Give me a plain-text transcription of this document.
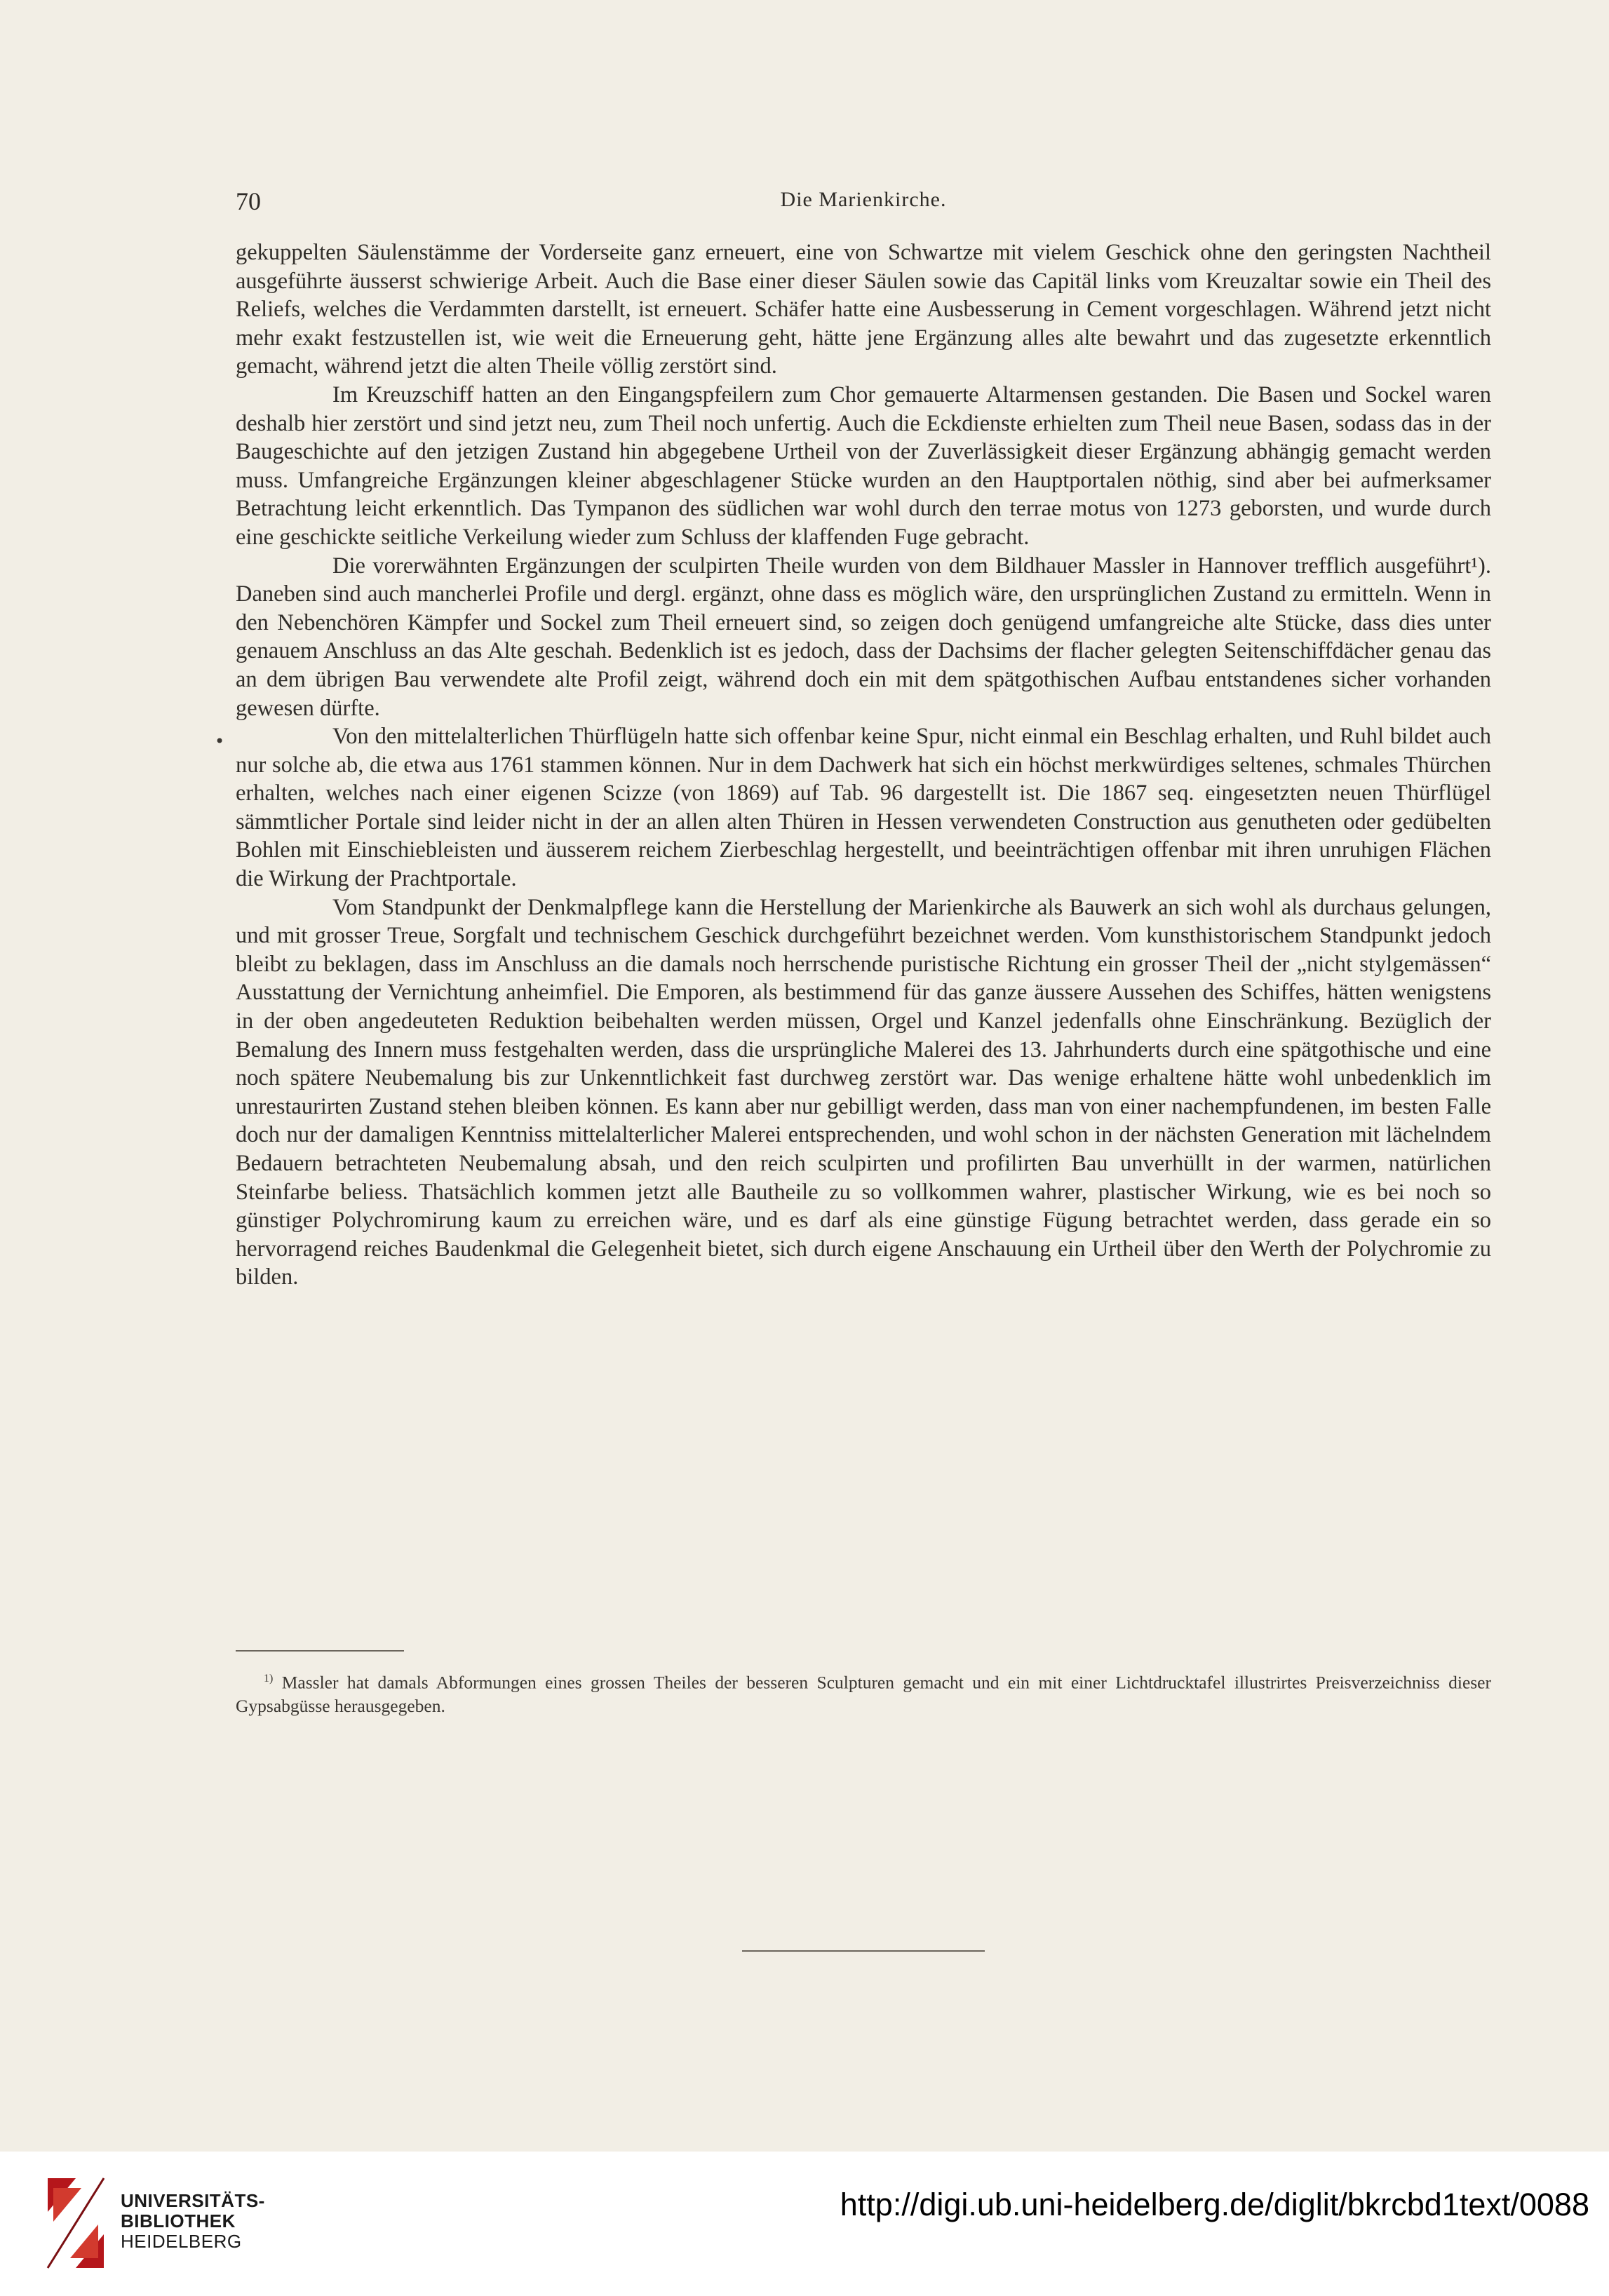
70	Die Marienkirche.
•

gekuppelten Säulenstämme der Vorderseite ganz erneuert, eine von Schwartze mit vielem Geschick ohne den geringsten Nachtheil ausgeführte äusserst schwierige Arbeit. Auch die Base einer dieser Säulen sowie das Capitäl links vom Kreuzaltar sowie ein Theil des Reliefs, welches die Verdammten darstellt, ist erneuert. Schäfer hatte eine Ausbesserung in Cement vorgeschlagen. Während jetzt nicht mehr exakt festzustellen ist, wie weit die Erneuerung geht, hätte jene Ergänzung alles alte bewahrt und das zugesetzte erkenntlich gemacht, während jetzt die alten Theile völlig zerstört sind.

Im Kreuzschiff hatten an den Eingangspfeilern zum Chor gemauerte Altarmensen gestanden. Die Basen und Sockel waren deshalb hier zerstört und sind jetzt neu, zum Theil noch unfertig. Auch die Eckdienste erhielten zum Theil neue Basen, sodass das in der Baugeschichte auf den jetzigen Zustand hin abgegebene Urtheil von der Zuverlässigkeit dieser Ergänzung abhängig gemacht werden muss. Umfangreiche Ergänzungen kleiner abgeschlagener Stücke wurden an den Hauptportalen nöthig, sind aber bei aufmerksamer Betrachtung leicht erkenntlich. Das Tympanon des südlichen war wohl durch den terrae motus von 1273 geborsten, und wurde durch eine geschickte seitliche Verkeilung wieder zum Schluss der klaffenden Fuge gebracht.

Die vorerwähnten Ergänzungen der sculpirten Theile wurden von dem Bildhauer Massler in Hannover trefflich ausgeführt¹). Daneben sind auch mancherlei Profile und dergl. ergänzt, ohne dass es möglich wäre, den ursprünglichen Zustand zu ermitteln. Wenn in den Nebenchören Kämpfer und Sockel zum Theil erneuert sind, so zeigen doch genügend umfangreiche alte Stücke, dass dies unter genauem Anschluss an das Alte geschah. Bedenklich ist es jedoch, dass der Dachsims der flacher gelegten Seitenschiffdächer genau das an dem übrigen Bau verwendete alte Profil zeigt, während doch ein mit dem spätgothischen Aufbau entstandenes sicher vorhanden gewesen dürfte.

Von den mittelalterlichen Thürflügeln hatte sich offenbar keine Spur, nicht einmal ein Beschlag erhalten, und Ruhl bildet auch nur solche ab, die etwa aus 1761 stammen können. Nur in dem Dachwerk hat sich ein höchst merkwürdiges seltenes, schmales Thürchen erhalten, welches nach einer eigenen Scizze (von 1869) auf Tab. 96 dargestellt ist. Die 1867 seq. eingesetzten neuen Thürflügel sämmtlicher Portale sind leider nicht in der an allen alten Thüren in Hessen verwendeten Construction aus genutheten oder gedübelten Bohlen mit Einschiebleisten und äusserem reichem Zierbeschlag hergestellt, und beeinträchtigen offenbar mit ihren unruhigen Flächen die Wirkung der Prachtportale.

Vom Standpunkt der Denkmalpflege kann die Herstellung der Marienkirche als Bauwerk an sich wohl als durchaus gelungen, und mit grosser Treue, Sorgfalt und technischem Geschick durchgeführt bezeichnet werden. Vom kunsthistorischem Standpunkt jedoch bleibt zu beklagen, dass im Anschluss an die damals noch herrschende puristische Richtung ein grosser Theil der „nicht stylgemässen“ Ausstattung der Vernichtung anheimfiel. Die Emporen, als bestimmend für das ganze äussere Aussehen des Schiffes, hätten wenigstens in der oben angedeuteten Reduktion beibehalten werden müssen, Orgel und Kanzel jedenfalls ohne Einschränkung. Bezüglich der Bemalung des Innern muss festgehalten werden, dass die ursprüngliche Malerei des 13. Jahrhunderts durch eine spätgothische und eine noch spätere Neubemalung bis zur Unkenntlichkeit fast durchweg zerstört war. Das wenige erhaltene hätte wohl unbedenklich im unrestaurirten Zustand stehen bleiben können. Es kann aber nur gebilligt werden, dass man von einer nachempfundenen, im besten Falle doch nur der damaligen Kenntniss mittelalterlicher Malerei entsprechenden, und wohl schon in der nächsten Generation mit lächelndem Bedauern betrachteten Neubemalung absah, und den reich sculpirten und profilirten Bau unverhüllt in der warmen, natürlichen Steinfarbe beliess. Thatsächlich kommen jetzt alle Bautheile zu so vollkommen wahrer, plastischer Wirkung, wie es bei noch so günstiger Polychromirung kaum zu erreichen wäre, und es darf als eine günstige Fügung betrachtet werden, dass gerade ein so hervorragend reiches Baudenkmal die Gelegenheit bietet, sich durch eigene Anschauung ein Urtheil über den Werth der Polychromie zu bilden.

$^{1)}$ Massler hat damals Abformungen eines grossen Theiles der besseren Sculpturen gemacht und ein mit einer Lichtdrucktafel illustrirtes Preisverzeichniss dieser Gypsabgüsse herausgegeben.
UNIVERSITÄTS-
BIBLIOTHEK
HEIDELBERG
http://digi.ub.uni-heidelberg.de/diglit/bkrcbd1text/0088
